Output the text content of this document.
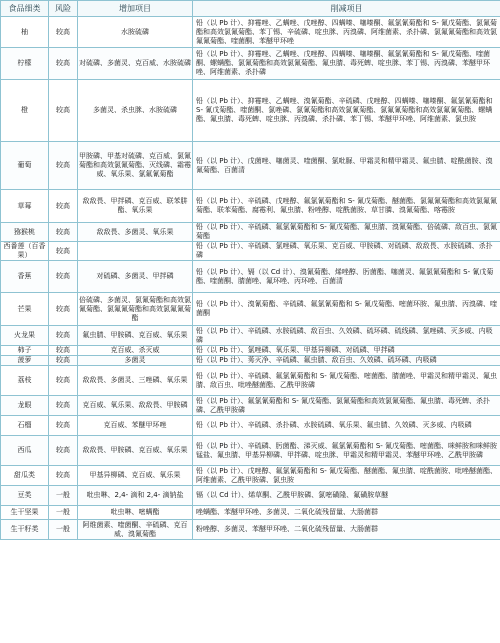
食品细类	风险	增加项目	削减项目
柚	较高	水胺硫磷	铅（以 Pb 计）、抑霉唑、乙螨唑、戊唑醇、四螨嗪、噻嗪酮、氟氯氰菊酯和 S- 氰戊菊酯、氯氰菊酯和高效氯氰菊酯、苯丁锡、辛硫磷、啶虫脒、丙溴磷、阿维菌素、杀扑磷、氯氟氰菊酯和高效氯氟氰菊酯、喹菌酮、苯醚甲环唑
柠檬	较高	对硫磷、多菌灵、克百威、水胺硫磷	铅（以 Pb 计）、抑霉唑、乙螨唑、戊唑醇、四螨嗪、噻嗪酮、氟氯氰菊酯和 S- 氰戊菊酯、喹菌酮、螺螨酯、氯氰菊酯和高效氯氰菊酯、氟虫腈、毒死蜱、啶虫脒、苯丁锡、丙溴磷、苯醚甲环唑、阿维菌素、杀扑磷
橙	较高	多菌灵、杀虫脒、水胺硫磷	铅（以 Pb 计）、抑霉唑、乙螨唑、溴氰菊酯、辛硫磷、戊唑醇、四螨嗪、噻嗪酮、氟氯氰菊酯和 S- 氰戊菊酯、喹菌酮、氯唑磷、氯氰菊酯和高效氯氰菊酯、氯氟氰菊酯和高效氯氟氰菊酯、螺螨酯、氟虫腈、毒死蜱、啶虫脒、丙溴磷、杀扑磷、苯丁锡、苯醚甲环唑、阿维菌素、氯虫胺
葡萄	较高	甲胺磷、甲基对硫磷、克百威、氯氰菊酯和高效氯氰菊酯、灭线磷、霜霉威、氧乐果、氯氟氰菊酯	铅（以 Pb 计）、戊菌唑、噻菌灵、喹菌酮、氯吡脲、甲霜灵和精甲霜灵、氟虫腈、啶酰菌胺、溴氰菊酯、百菌清
草莓	较高	敌敌畏、甲拌磷、克百威、联苯肼酯、氧乐果	铅（以 Pb 计）、辛硫磷、戊唑醇、氟氯氰菊酯和 S- 氰戊菊酯、醚菌酯、氯氟氰菊酯和高效氯氟氰菊酯、联苯菊酯、腐霉利、氟虫腈、粉唑醇、啶酰菌胺、草甘膦、溴氰菊酯、喀霉胺
猕猴桃	较高	敌敌畏、多菌灵、氧乐果	铅（以 Pb 计）、辛硫磷、氟氯氰菊酯和 S- 氰戊菊酯、氟虫腈、溴氰菊酯、倍硫磷、敌百虫、氯氰菊酯
西番莲（百香果）	较高		铅（以 Pb 计）、辛硫磷、氯唑磷、氧乐果、克百威、甲胺磷、对硫磷、敌敌畏、水胺硫磷、杀扑磷
香蕉	较高	对硫磷、多菌灵、甲拌磷	铅（以 Pb 计）、镉（以 Cd 计）、溴氰菊酯、烯唑醇、肟菌酯、噻菌灵、氟氯氰菊酯和 S- 氰戊菊酯、喹菌酮、腈菌唑、氟环唑、丙环唑、百菌清
芒果	较高	倍硫磷、多菌灵、氯氰菊酯和高效氯氰菊酯、氯氟氰菊酯和高效氯氟氰菊酯	铅（以 Pb 计）、溴氰菊酯、辛硫磷、氟氯氰菊酯和 S- 氰戊菊酯、嘧菌环胺、氟虫腈、丙溴磷、喹菌酮
火龙果	较高	氟虫腈、甲胺磷、克百威、氧乐果	铅（以 Pb 计）、辛硫磷、水胺硫磷、敌百虫、久效磷、硫环磷、硫线磷、氯唑磷、灭多威、内吸磷
柿子	较高	克百威、杀灭威	铅（以 Pb 计）、氯唑磷、氧乐果、甲基异柳磷、对硫磷、甲拌磷
菠萝	较高	多菌灵	铅（以 Pb 计）、莠灭净、辛硫磷、氟虫腈、敌百虫、久效磷、硫环磷、内吸磷
荔枝	较高	敌敌畏、多菌灵、三唑磷、氧乐果	铅（以 Pb 计）、辛硫磷、氟氯氰菊酯和 S- 氰戊菊酯、嘧菌酯、腈菌唑、甲霜灵和精甲霜灵、氟虫腈、敌百虫、吡唑醚菌酯、乙酰甲胺磷
龙眼	较高	克百威、氧乐果、敌敌畏、甲胺磷	铅（以 Pb 计）、氟氯氰菊酯和 S- 氰戊菊酯、氯氰菊酯和高效氯氰菊酯、氟虫腈、毒死蜱、杀扑磷、乙酰甲胺磷
石榴	较高	克百威、苯醚甲环唑	铅（以 Pb 计）、辛硫磷、杀扑磷、水胺硫磷、氧乐果、氟虫腈、久效磷、灭多威、内吸磷
西瓜	较高	敌敌畏、甲胺磷、克百威、氧乐果	铅（以 Pb 计）、辛硫磷、肟菌酯、涕灭威、氟氯氰菊酯和 S- 氰戊菊酯、嘧菌酯、咪鲜胺和咪鲜胺锰盐、氟虫腈、甲基异柳磷、甲拌磷、啶虫脒、甲霜灵和精甲霜灵、苯醚甲环唑、乙酰甲胺磷
甜瓜类	较高	甲基异柳磷、克百威、氧乐果	铅（以 Pb 计）、戊唑醇、氟氯氰菊酯和 S- 氰戊菊酯、醚菌酯、氟虫腈、啶酰菌胺、吡唑醚菌酯、阿维菌素、乙酰甲胺磷、氯虫胺
豆类	一般	吡虫啉、2,4- 滴和 2,4- 滴钠盐	镉（以 Cd 计）、烯草酮、乙酰甲胺磷、氯嘧磺隆、氟磺胺草醚
生干坚果	一般	吡虫啉、嘧螨酯	唑螨酯、苯醚甲环唑、多菌灵、二氧化硫残留量、大肠菌群
生干籽类	一般	阿维菌素、喹菌酮、辛硫磷、克百威、溴氰菊酯	粉唑醇、多菌灵、苯醚甲环唑、二氧化硫残留量、大肠菌群
